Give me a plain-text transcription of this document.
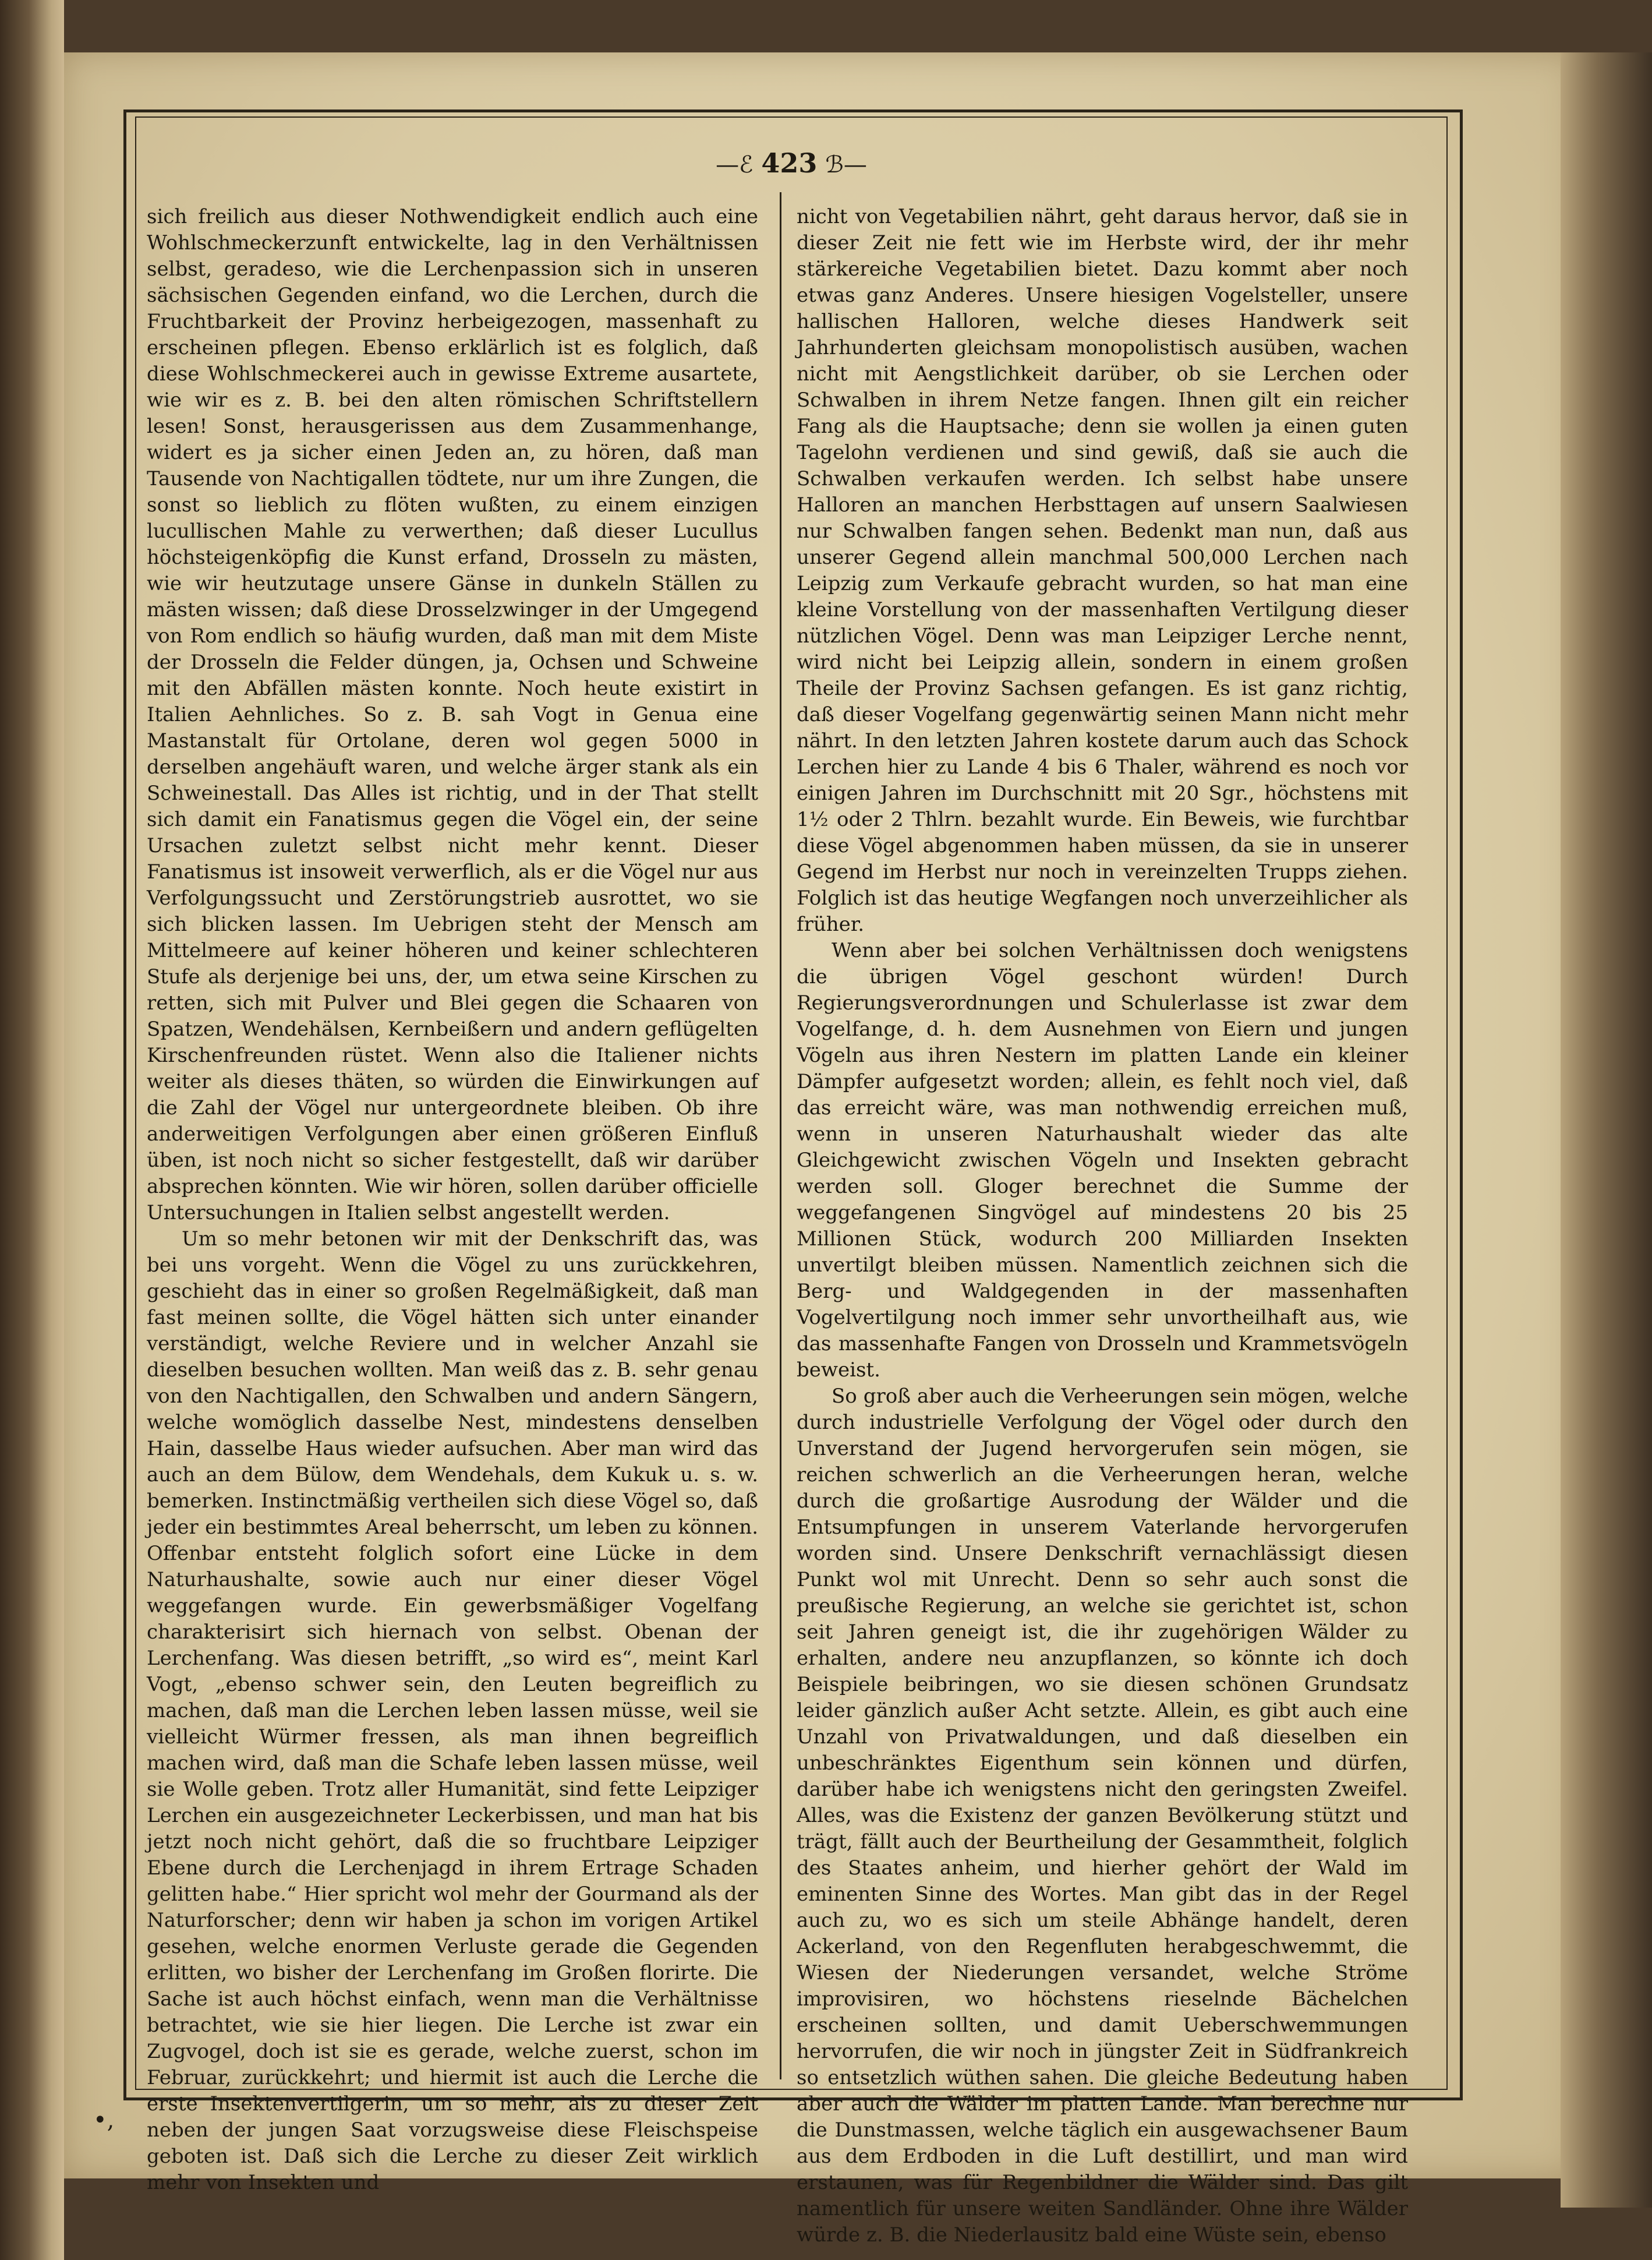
—ℰ 423 ℬ—

sich freilich aus dieser Nothwendigkeit endlich auch eine Wohlschmeckerzunft entwickelte, lag in den Verhältnissen selbst, geradeso, wie die Lerchenpassion sich in unseren sächsischen Gegenden einfand, wo die Lerchen, durch die Fruchtbarkeit der Provinz herbeigezogen, massenhaft zu erscheinen pflegen. Ebenso erklärlich ist es folglich, daß diese Wohlschmeckerei auch in gewisse Extreme ausartete, wie wir es z. B. bei den alten römischen Schriftstellern lesen! Sonst, herausgerissen aus dem Zusammenhange, widert es ja sicher einen Jeden an, zu hören, daß man Tausende von Nachtigallen tödtete, nur um ihre Zungen, die sonst so lieblich zu flöten wußten, zu einem einzigen lucullischen Mahle zu verwerthen; daß dieser Lucullus höchsteigenköpfig die Kunst erfand, Drosseln zu mästen, wie wir heutzutage unsere Gänse in dunkeln Ställen zu mästen wissen; daß diese Drosselzwinger in der Umgegend von Rom endlich so häufig wurden, daß man mit dem Miste der Drosseln die Felder düngen, ja, Ochsen und Schweine mit den Abfällen mästen konnte. Noch heute existirt in Italien Aehnliches. So z. B. sah Vogt in Genua eine Mastanstalt für Ortolane, deren wol gegen 5000 in derselben angehäuft waren, und welche ärger stank als ein Schweinestall. Das Alles ist richtig, und in der That stellt sich damit ein Fanatismus gegen die Vögel ein, der seine Ursachen zuletzt selbst nicht mehr kennt. Dieser Fanatismus ist insoweit verwerflich, als er die Vögel nur aus Verfolgungssucht und Zerstörungstrieb ausrottet, wo sie sich blicken lassen. Im Uebrigen steht der Mensch am Mittelmeere auf keiner höheren und keiner schlechteren Stufe als derjenige bei uns, der, um etwa seine Kirschen zu retten, sich mit Pulver und Blei gegen die Schaaren von Spatzen, Wendehälsen, Kernbeißern und andern geflügelten Kirschenfreunden rüstet. Wenn also die Italiener nichts weiter als dieses thäten, so würden die Einwirkungen auf die Zahl der Vögel nur untergeordnete bleiben. Ob ihre anderweitigen Verfolgungen aber einen größeren Einfluß üben, ist noch nicht so sicher festgestellt, daß wir darüber absprechen könnten. Wie wir hören, sollen darüber officielle Untersuchungen in Italien selbst angestellt werden.

Um so mehr betonen wir mit der Denkschrift das, was bei uns vorgeht. Wenn die Vögel zu uns zurückkehren, geschieht das in einer so großen Regelmäßigkeit, daß man fast meinen sollte, die Vögel hätten sich unter einander verständigt, welche Reviere und in welcher Anzahl sie dieselben besuchen wollten. Man weiß das z. B. sehr genau von den Nachtigallen, den Schwalben und andern Sängern, welche womöglich dasselbe Nest, mindestens denselben Hain, dasselbe Haus wieder aufsuchen. Aber man wird das auch an dem Bülow, dem Wendehals, dem Kukuk u. s. w. bemerken. Instinctmäßig vertheilen sich diese Vögel so, daß jeder ein bestimmtes Areal beherrscht, um leben zu können. Offenbar entsteht folglich sofort eine Lücke in dem Naturhaushalte, sowie auch nur einer dieser Vögel weggefangen wurde. Ein gewerbsmäßiger Vogelfang charakterisirt sich hiernach von selbst. Obenan der Lerchenfang. Was diesen betrifft, „so wird es“, meint Karl Vogt, „ebenso schwer sein, den Leuten begreiflich zu machen, daß man die Lerchen leben lassen müsse, weil sie vielleicht Würmer fressen, als man ihnen begreiflich machen wird, daß man die Schafe leben lassen müsse, weil sie Wolle geben. Trotz aller Humanität, sind fette Leipziger Lerchen ein ausgezeichneter Leckerbissen, und man hat bis jetzt noch nicht gehört, daß die so fruchtbare Leipziger Ebene durch die Lerchenjagd in ihrem Ertrage Schaden gelitten habe.“ Hier spricht wol mehr der Gourmand als der Naturforscher; denn wir haben ja schon im vorigen Artikel gesehen, welche enormen Verluste gerade die Gegenden erlitten, wo bisher der Lerchenfang im Großen florirte. Die Sache ist auch höchst einfach, wenn man die Verhältnisse betrachtet, wie sie hier liegen. Die Lerche ist zwar ein Zugvogel, doch ist sie es gerade, welche zuerst, schon im Februar, zurückkehrt; und hiermit ist auch die Lerche die erste Insektenvertilgerin, um so mehr, als zu dieser Zeit neben der jungen Saat vorzugsweise diese Fleischspeise geboten ist. Daß sich die Lerche zu dieser Zeit wirklich mehr von Insekten und

nicht von Vegetabilien nährt, geht daraus hervor, daß sie in dieser Zeit nie fett wie im Herbste wird, der ihr mehr stärkereiche Vegetabilien bietet. Dazu kommt aber noch etwas ganz Anderes. Unsere hiesigen Vogelsteller, unsere hallischen Halloren, welche dieses Handwerk seit Jahrhunderten gleichsam monopolistisch ausüben, wachen nicht mit Aengstlichkeit darüber, ob sie Lerchen oder Schwalben in ihrem Netze fangen. Ihnen gilt ein reicher Fang als die Hauptsache; denn sie wollen ja einen guten Tagelohn verdienen und sind gewiß, daß sie auch die Schwalben verkaufen werden. Ich selbst habe unsere Halloren an manchen Herbsttagen auf unsern Saalwiesen nur Schwalben fangen sehen. Bedenkt man nun, daß aus unserer Gegend allein manchmal 500,000 Lerchen nach Leipzig zum Verkaufe gebracht wurden, so hat man eine kleine Vorstellung von der massenhaften Vertilgung dieser nützlichen Vögel. Denn was man Leipziger Lerche nennt, wird nicht bei Leipzig allein, sondern in einem großen Theile der Provinz Sachsen gefangen. Es ist ganz richtig, daß dieser Vogelfang gegenwärtig seinen Mann nicht mehr nährt. In den letzten Jahren kostete darum auch das Schock Lerchen hier zu Lande 4 bis 6 Thaler, während es noch vor einigen Jahren im Durchschnitt mit 20 Sgr., höchstens mit 1½ oder 2 Thlrn. bezahlt wurde. Ein Beweis, wie furchtbar diese Vögel abgenommen haben müssen, da sie in unserer Gegend im Herbst nur noch in vereinzelten Trupps ziehen. Folglich ist das heutige Wegfangen noch unverzeihlicher als früher.

Wenn aber bei solchen Verhältnissen doch wenigstens die übrigen Vögel geschont würden! Durch Regierungsverordnungen und Schulerlasse ist zwar dem Vogelfange, d. h. dem Ausnehmen von Eiern und jungen Vögeln aus ihren Nestern im platten Lande ein kleiner Dämpfer aufgesetzt worden; allein, es fehlt noch viel, daß das erreicht wäre, was man nothwendig erreichen muß, wenn in unseren Naturhaushalt wieder das alte Gleichgewicht zwischen Vögeln und Insekten gebracht werden soll. Gloger berechnet die Summe der weggefangenen Singvögel auf mindestens 20 bis 25 Millionen Stück, wodurch 200 Milliarden Insekten unvertilgt bleiben müssen. Namentlich zeichnen sich die Berg- und Waldgegenden in der massenhaften Vogelvertilgung noch immer sehr unvortheilhaft aus, wie das massenhafte Fangen von Drosseln und Krammetsvögeln beweist.

So groß aber auch die Verheerungen sein mögen, welche durch industrielle Verfolgung der Vögel oder durch den Unverstand der Jugend hervorgerufen sein mögen, sie reichen schwerlich an die Verheerungen heran, welche durch die großartige Ausrodung der Wälder und die Entsumpfungen in unserem Vaterlande hervorgerufen worden sind. Unsere Denkschrift vernachlässigt diesen Punkt wol mit Unrecht. Denn so sehr auch sonst die preußische Regierung, an welche sie gerichtet ist, schon seit Jahren geneigt ist, die ihr zugehörigen Wälder zu erhalten, andere neu anzupflanzen, so könnte ich doch Beispiele beibringen, wo sie diesen schönen Grundsatz leider gänzlich außer Acht setzte. Allein, es gibt auch eine Unzahl von Privatwaldungen, und daß dieselben ein unbeschränktes Eigenthum sein können und dürfen, darüber habe ich wenigstens nicht den geringsten Zweifel. Alles, was die Existenz der ganzen Bevölkerung stützt und trägt, fällt auch der Beurtheilung der Gesammtheit, folglich des Staates anheim, und hierher gehört der Wald im eminenten Sinne des Wortes. Man gibt das in der Regel auch zu, wo es sich um steile Abhänge handelt, deren Ackerland, von den Regenfluten herabgeschwemmt, die Wiesen der Niederungen versandet, welche Ströme improvisiren, wo höchstens rieselnde Bächelchen erscheinen sollten, und damit Ueberschwemmungen hervorrufen, die wir noch in jüngster Zeit in Südfrankreich so entsetzlich wüthen sahen. Die gleiche Bedeutung haben aber auch die Wälder im platten Lande. Man berechne nur die Dunstmassen, welche täglich ein ausgewachsener Baum aus dem Erdboden in die Luft destillirt, und man wird erstaunen, was für Regenbildner die Wälder sind. Das gilt namentlich für unsere weiten Sandländer. Ohne ihre Wälder würde z. B. die Niederlausitz bald eine Wüste sein, ebenso

•,
